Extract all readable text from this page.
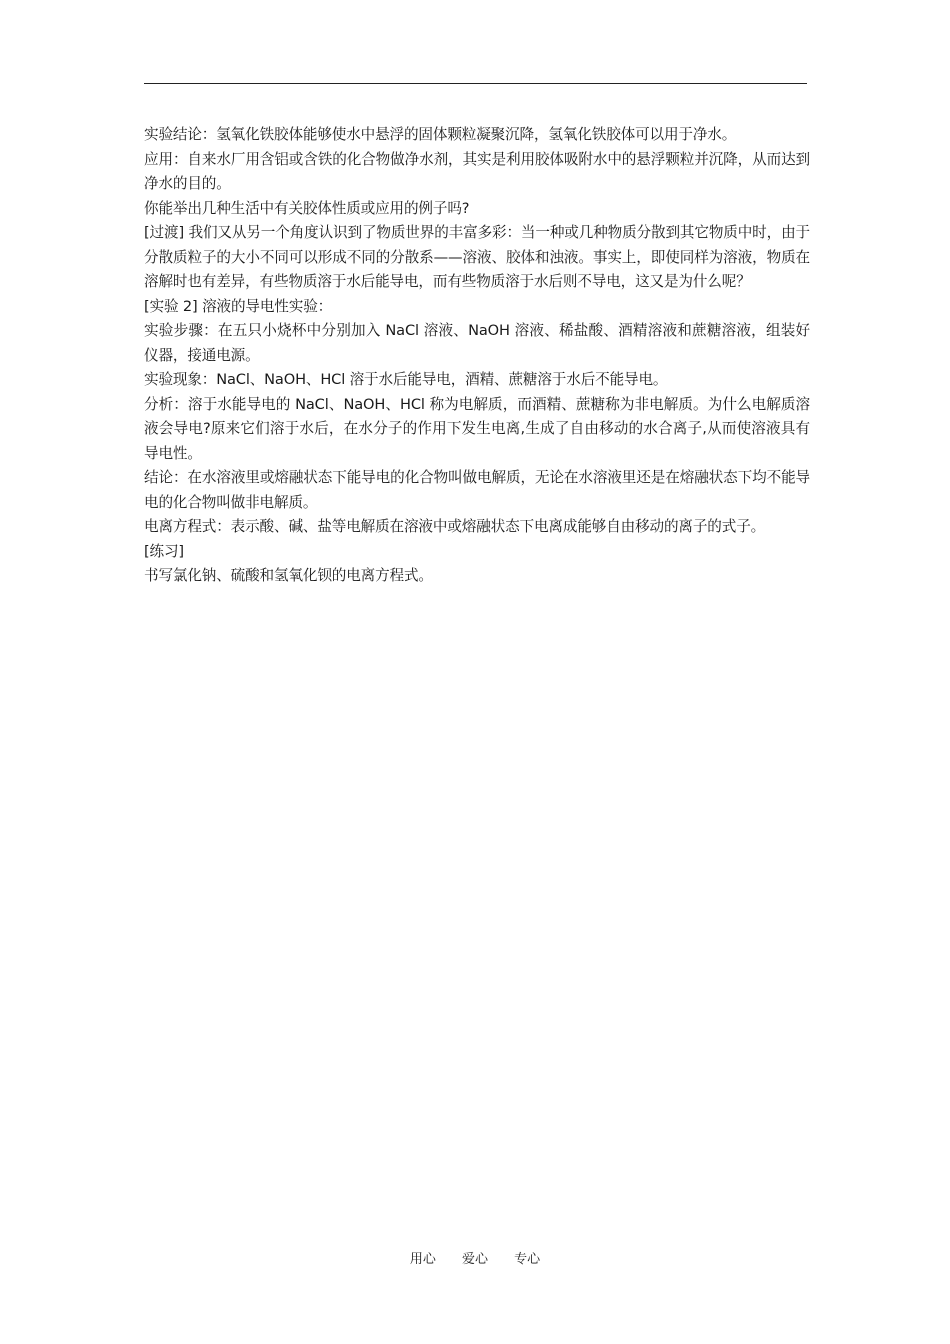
实验结论：氢氧化铁胶体能够使水中悬浮的固体颗粒凝聚沉降，氢氧化铁胶体可以用于净水。

应用：自来水厂用含铝或含铁的化合物做净水剂，其实是利用胶体吸附水中的悬浮颗粒并沉降，从而达到净水的目的。

你能举出几种生活中有关胶体性质或应用的例子吗?

[过渡] 我们又从另一个角度认识到了物质世界的丰富多彩：当一种或几种物质分散到其它物质中时，由于分散质粒子的大小不同可以形成不同的分散系——溶液、胶体和浊液。事实上，即使同样为溶液，物质在溶解时也有差异，有些物质溶于水后能导电，而有些物质溶于水后则不导电，这又是为什么呢？

[实验 2] 溶液的导电性实验：

实验步骤：在五只小烧杯中分别加入 NaCl 溶液、NaOH 溶液、稀盐酸、酒精溶液和蔗糖溶液，组装好仪器，接通电源。

实验现象：NaCl、NaOH、HCl 溶于水后能导电，酒精、蔗糖溶于水后不能导电。

分析：溶于水能导电的 NaCl、NaOH、HCl 称为电解质，而酒精、蔗糖称为非电解质。为什么电解质溶液会导电?原来它们溶于水后，在水分子的作用下发生电离,生成了自由移动的水合离子,从而使溶液具有导电性。

结论：在水溶液里或熔融状态下能导电的化合物叫做电解质，无论在水溶液里还是在熔融状态下均不能导电的化合物叫做非电解质。

电离方程式：表示酸、碱、盐等电解质在溶液中或熔融状态下电离成能够自由移动的离子的式子。

[练习]

书写氯化钠、硫酸和氢氧化钡的电离方程式。

用心 爱心 专心
